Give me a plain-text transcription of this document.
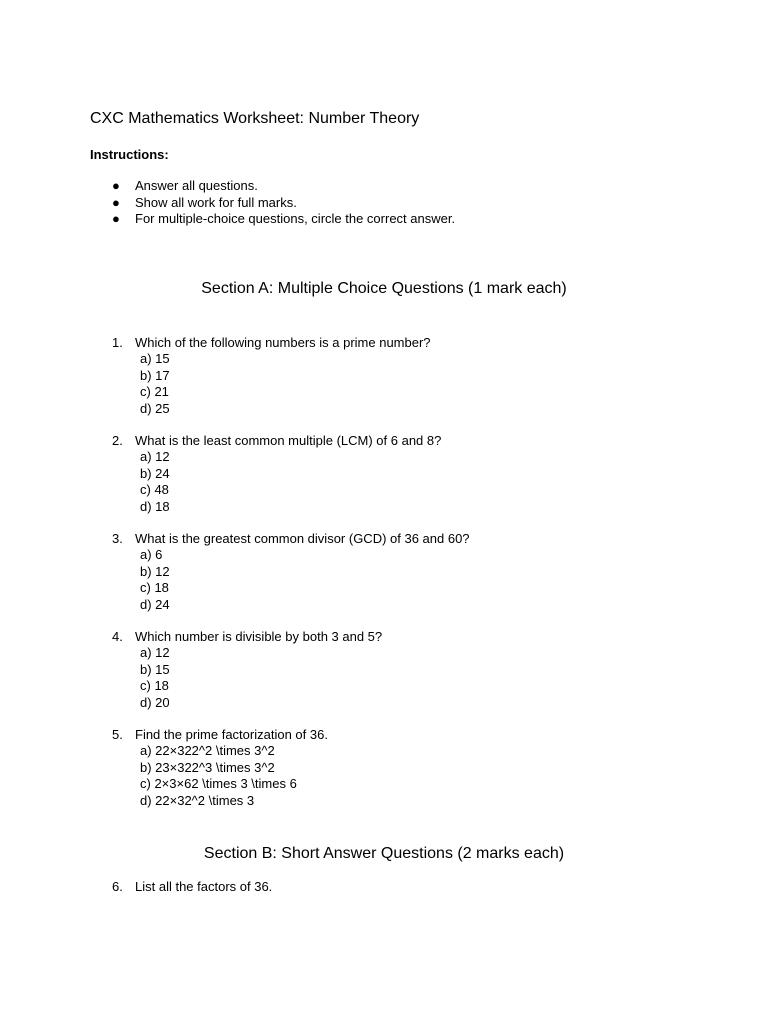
CXC Mathematics Worksheet: Number Theory
Instructions:
● Answer all questions.
● Show all work for full marks.
● For multiple-choice questions, circle the correct answer.
Section A: Multiple Choice Questions (1 mark each)
1. Which of the following numbers is a prime number?
a) 15
b) 17
c) 21
d) 25
2. What is the least common multiple (LCM) of 6 and 8?
a) 12
b) 24
c) 48
d) 18
3. What is the greatest common divisor (GCD) of 36 and 60?
a) 6
b) 12
c) 18
d) 24
4. Which number is divisible by both 3 and 5?
a) 12
b) 15
c) 18
d) 20
5. Find the prime factorization of 36.
a) 22×322^2 \times 3^2
b) 23×322^3 \times 3^2
c) 2×3×62 \times 3 \times 6
d) 22×32^2 \times 3
Section B: Short Answer Questions (2 marks each)
6. List all the factors of 36.
